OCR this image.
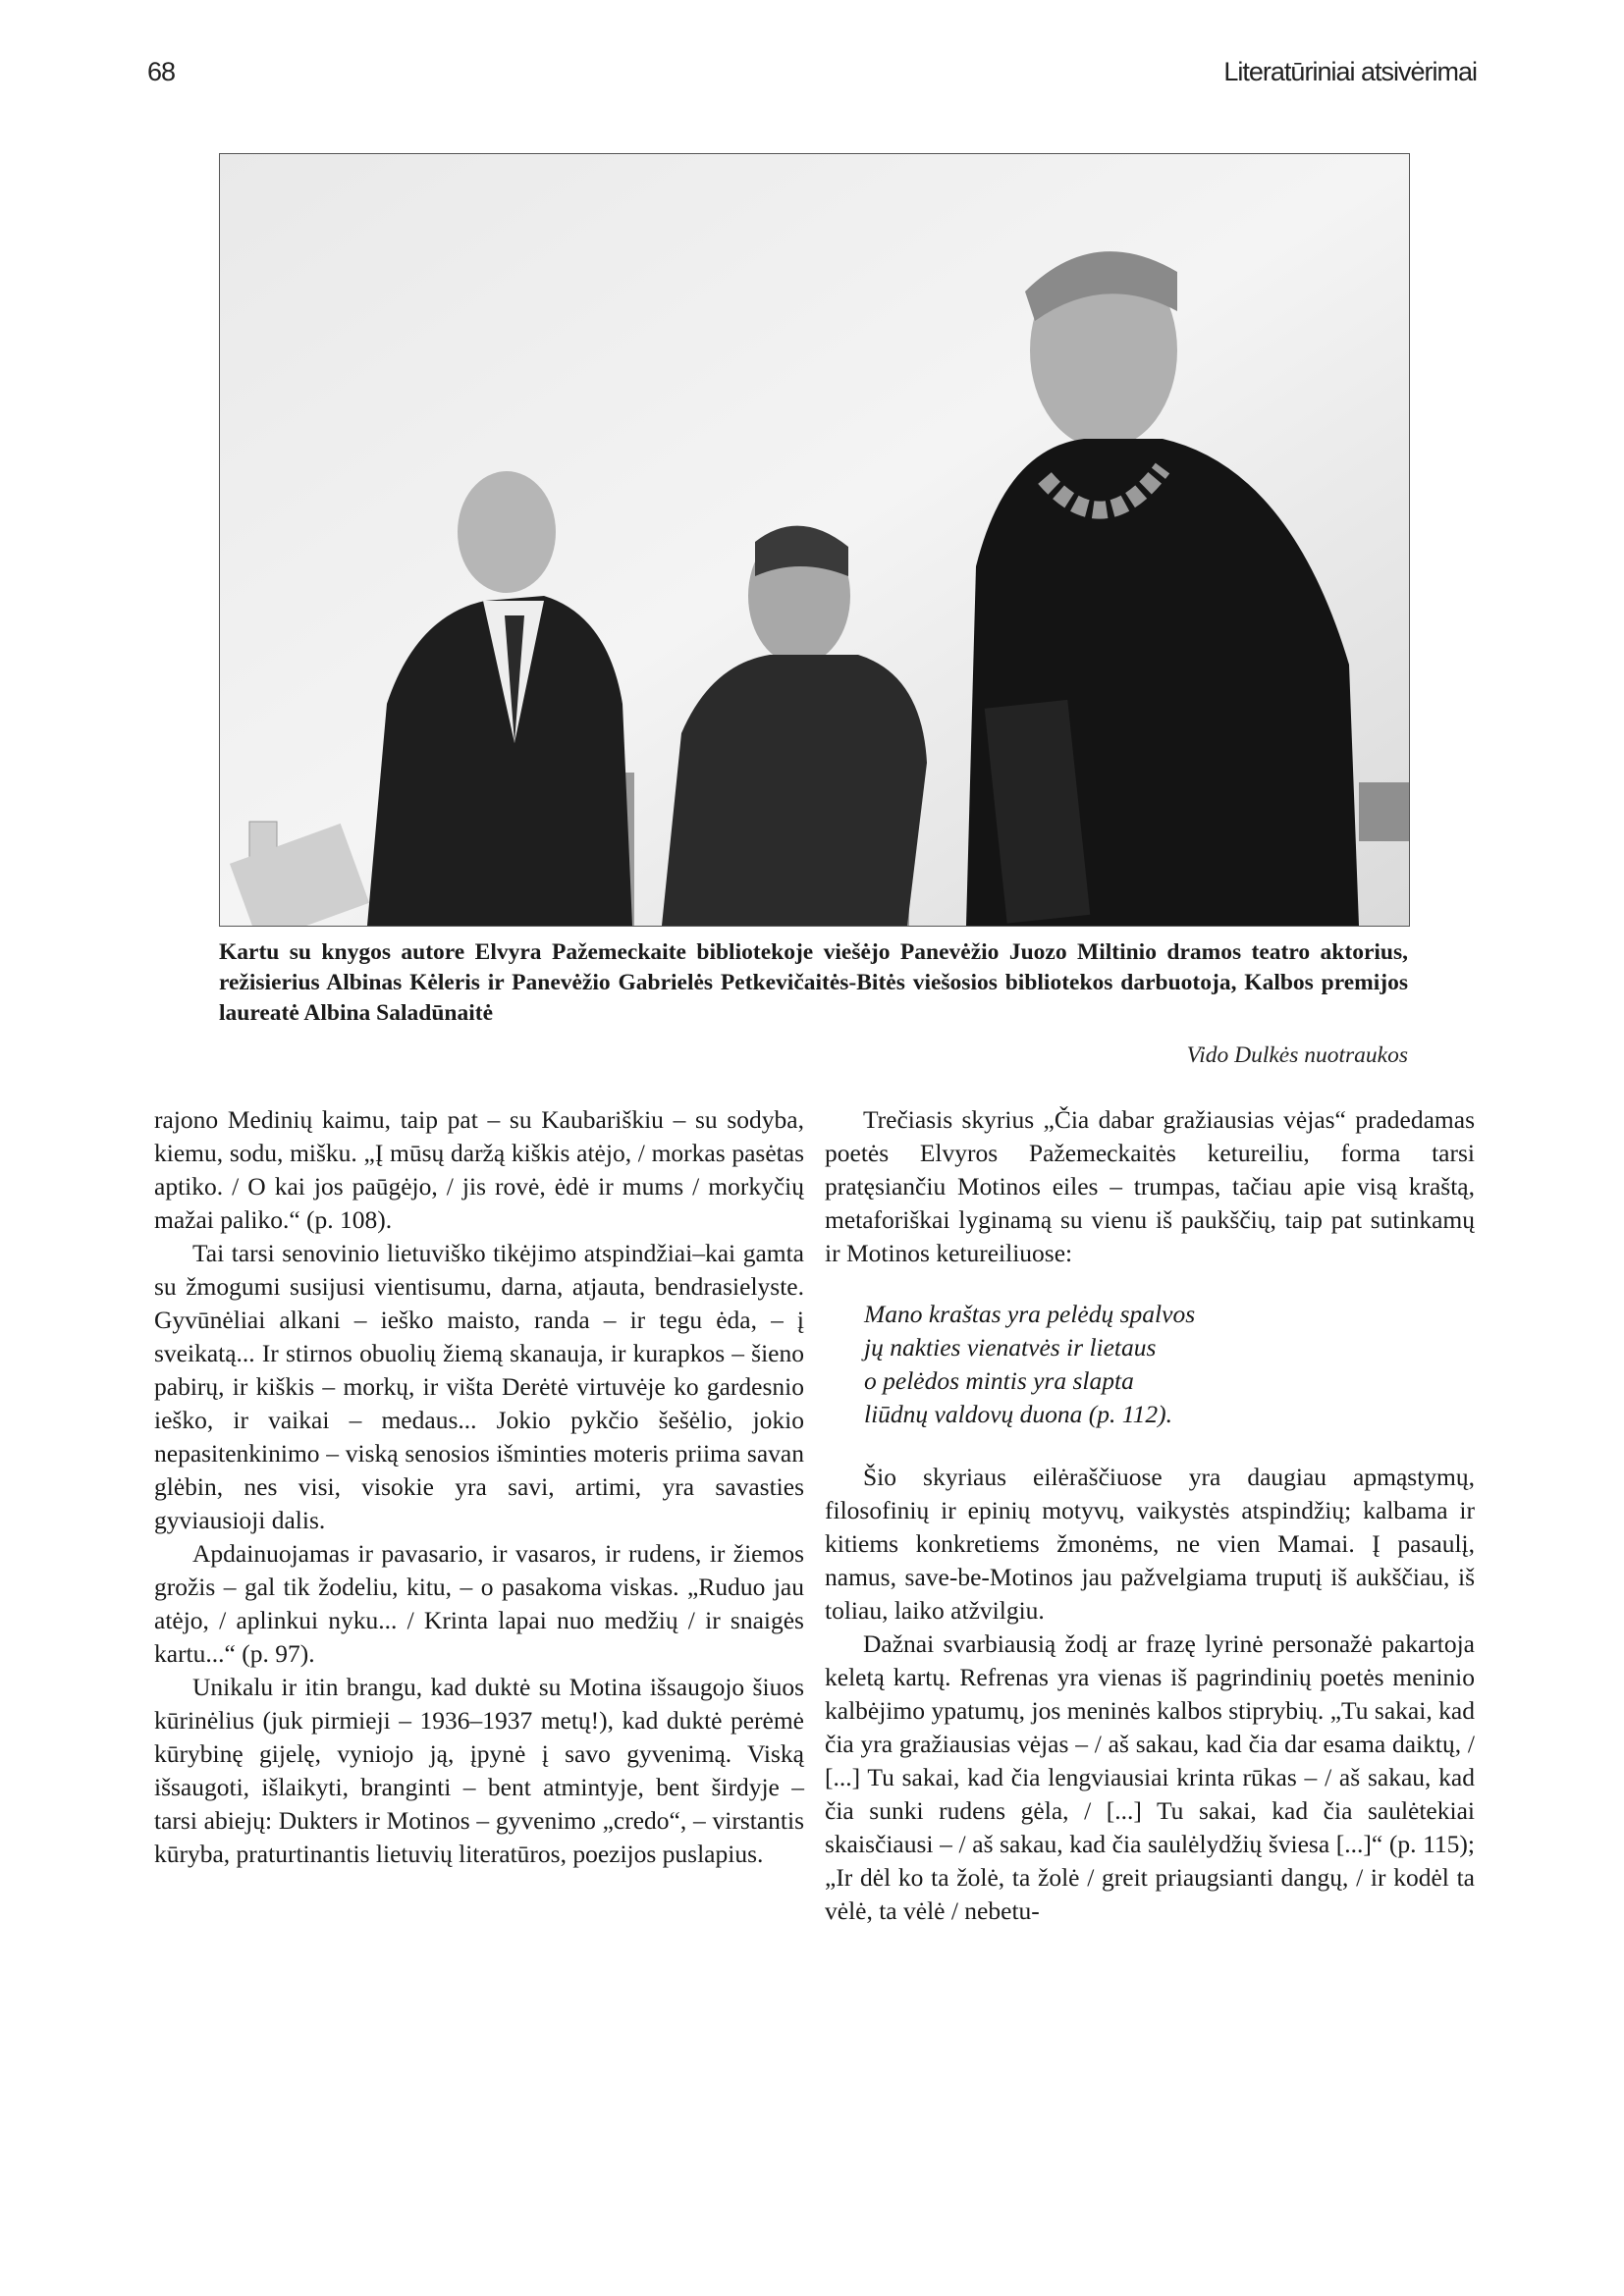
68	Literatūriniai atsivėrimai
Kartu su knygos autore Elvyra Pažemeckaite bibliotekoje viešėjo Panevėžio Juozo Miltinio dramos teatro aktorius, režisierius Albinas Kėleris ir Panevėžio Gabrielės Petkevičaitės-Bitės viešosios bibliotekos darbuotoja, Kalbos premijos laureatė Albina Saladūnaitė
Vido Dulkės nuotraukos

rajono Medinių kaimu, taip pat – su Kaubariškiu – su sodyba, kiemu, sodu, mišku. „Į mūsų daržą kiškis atėjo, / morkas pasėtas aptiko. / O kai jos paūgėjo, / jis rovė, ėdė ir mums / morkyčių mažai paliko.“ (p. 108).

Tai tarsi senovinio lietuviško tikėjimo atspindžiai–kai gamta su žmogumi susijusi vientisumu, darna, atjauta, bendrasielyste. Gyvūnėliai alkani – ieško maisto, randa – ir tegu ėda, – į sveikatą... Ir stirnos obuolių žiemą skanauja, ir kurapkos – šieno pabirų, ir kiškis – morkų, ir višta Derėtė virtuvėje ko gardesnio ieško, ir vaikai – medaus... Jokio pykčio šešėlio, jokio nepasitenkinimo – viską senosios išminties moteris priima savan glėbin, nes visi, visokie yra savi, artimi, yra savasties gyviausioji dalis.

Apdainuojamas ir pavasario, ir vasaros, ir rudens, ir žiemos grožis – gal tik žodeliu, kitu, – o pasakoma viskas. „Ruduo jau atėjo, / aplinkui nyku... / Krinta lapai nuo medžių / ir snaigės kartu...“ (p. 97).

Unikalu ir itin brangu, kad duktė su Motina išsaugojo šiuos kūrinėlius (juk pirmieji – 1936–1937 metų!), kad duktė perėmė kūrybinę gijelę, vyniojo ją, įpynė į savo gyvenimą. Viską išsaugoti, išlaikyti, branginti – bent atmintyje, bent širdyje – tarsi abiejų: Dukters ir Motinos – gyvenimo „credo“, – virstantis kūryba, praturtinantis lietuvių literatūros, poezijos puslapius.

Trečiasis skyrius „Čia dabar gražiausias vėjas“ pradedamas poetės Elvyros Pažemeckaitės ketureiliu, forma tarsi pratęsiančiu Motinos eiles – trumpas, tačiau apie visą kraštą, metaforiškai lyginamą su vienu iš paukščių, taip pat sutinkamų ir Motinos ketureiliuose:

Mano kraštas yra pelėdų spalvos
jų nakties vienatvės ir lietaus
o pelėdos mintis yra slapta
liūdnų valdovų duona (p. 112).

Šio skyriaus eilėraščiuose yra daugiau apmąstymų, filosofinių ir epinių motyvų, vaikystės atspindžių; kalbama ir kitiems konkretiems žmonėms, ne vien Mamai. Į pasaulį, namus, save-be-Motinos jau pažvelgiama truputį iš aukščiau, iš toliau, laiko atžvilgiu.

Dažnai svarbiausią žodį ar frazę lyrinė personažė pakartoja keletą kartų. Refrenas yra vienas iš pagrindinių poetės meninio kalbėjimo ypatumų, jos meninės kalbos stiprybių. „Tu sakai, kad čia yra gražiausias vėjas – / aš sakau, kad čia dar esama daiktų, / [...] Tu sakai, kad čia lengviausiai krinta rūkas – / aš sakau, kad čia sunki rudens gėla, / [...] Tu sakai, kad čia saulėtekiai skaisčiausi – / aš sakau, kad čia saulėlydžių šviesa [...]“ (p. 115); „Ir dėl ko ta žolė, ta žolė / greit priaugsianti dangų, / ir kodėl ta vėlė, ta vėlė / nebetu-
